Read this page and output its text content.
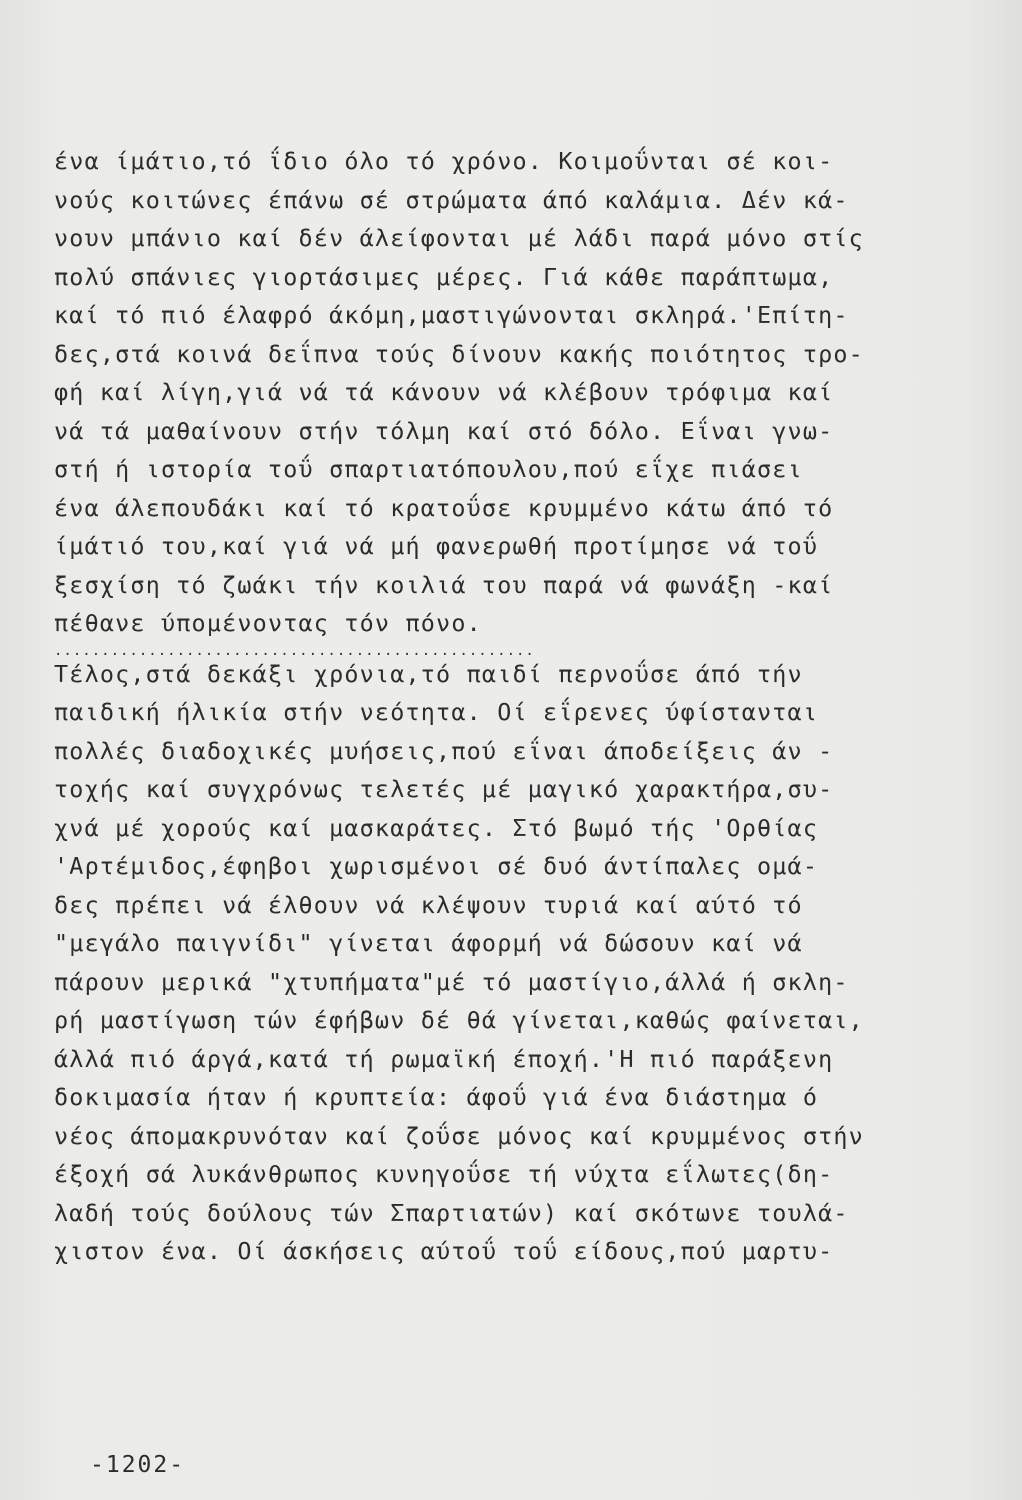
ένα ίμάτιο,τό ΐδιο όλο τό χρόνο. Κοιμοΰνται σέ κοι-
νούς κοιτώνες έπάνω σέ στρώματα άπό καλάμια. Δέν κά-
νουν μπάνιο καί δέν άλείφονται μέ λάδι παρά μόνο στίς
πολύ σπάνιες γιορτάσιμες μέρες. Γιά κάθε παράπτωμα,
καί τό πιό έλαφρό άκόμη,μαστιγώνονται σκληρά.'Επίτη-
δες,στά κοινά δεΐπνα τούς δίνουν κακής ποιότητος τρο-
φή καί λίγη,γιά νά τά κάνουν νά κλέβουν τρόφιμα καί
νά τά μαθαίνουν στήν τόλμη καί στό δόλο. Εΐναι γνω-
στή ή ιστορία τοΰ σπαρτιατόπουλου,πού εΐχε πιάσει
ένα άλεπουδάκι καί τό κρατοΰσε κρυμμένο κάτω άπό τό
ίμάτιό του,καί γιά νά μή φανερωθή προτίμησε νά τοΰ
ξεσχίση τό ζωάκι τήν κοιλιά του παρά νά φωνάξη -καί
πέθανε ύπομένοντας τόν πόνο.
...................................................
Τέλος,στά δεκάξι χρόνια,τό παιδί περνοΰσε άπό τήν
παιδική ήλικία στήν νεότητα. Οί εΐρενες ύφίστανται
πολλές διαδοχικές μυήσεις,πού εΐναι άποδείξεις άν -
τοχής καί συγχρόνως τελετές μέ μαγικό χαρακτήρα,συ-
χνά μέ χορούς καί μασκαράτες. Στό βωμό τής 'Ορθίας
'Αρτέμιδος,έφηβοι χωρισμένοι σέ δυό άντίπαλες ομά-
δες πρέπει νά έλθουν νά κλέψουν τυριά καί αύτό τό
"μεγάλο παιγνίδι" γίνεται άφορμή νά δώσουν καί νά
πάρουν μερικά "χτυπήματα"μέ τό μαστίγιο,άλλά ή σκλη-
ρή μαστίγωση τών έφήβων δέ θά γίνεται,καθώς φαίνεται,
άλλά πιό άργά,κατά τή ρωμαϊκή έποχή.'Η πιό παράξενη
δοκιμασία ήταν ή κρυπτεία: άφοΰ γιά ένα διάστημα ό
νέος άπομακρυνόταν καί ζοΰσε μόνος καί κρυμμένος στήν
έξοχή σά λυκάνθρωπος κυνηγοΰσε τή νύχτα εΐλωτες(δη-
λαδή τούς δούλους τών Σπαρτιατών) καί σκότωνε τουλά-
χιστον ένα. Οί άσκήσεις αύτοΰ τοΰ είδους,πού μαρτυ-
-1202-
